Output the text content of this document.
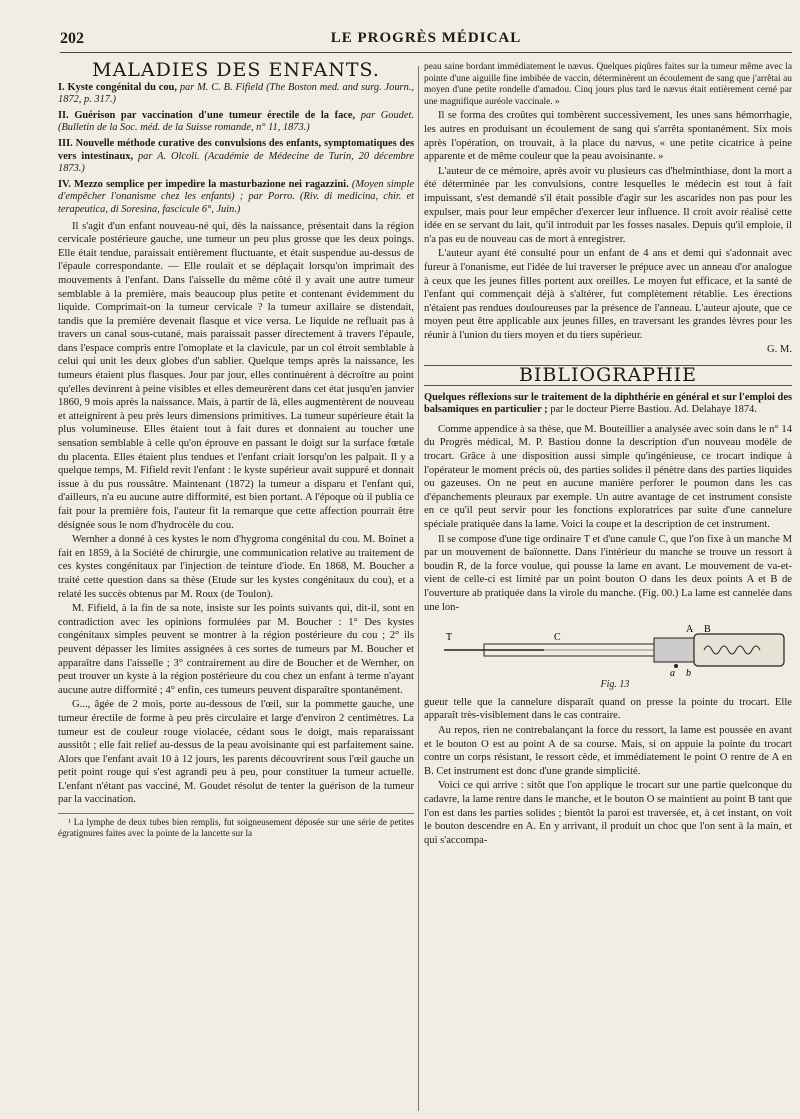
202	LE PROGRÈS MÉDICAL
MALADIES DES ENFANTS.
I. Kyste congénital du cou, par M. C. B. Fifield (The Boston med. and surg. Journ., 1872, p. 317.)
II. Guérison par vaccination d'une tumeur érectile de la face, par Goudet. (Bulletin de la Soc. méd. de la Suisse romande, n° 11, 1873.)
III. Nouvelle méthode curative des convulsions des enfants, symptomatiques des vers intestinaux, par A. Olcoli. (Académie de Médecine de Turin, 20 décembre 1873.)
IV. Mezzo semplice per impedire la masturbazione nei ragazzini. (Moyen simple d'empêcher l'onanisme chez les enfants) ; par Porro. (Riv. di medicina, chir. et terapeutica, di Soresina, fascicule 6°, Juin.)

Il s'agit d'un enfant nouveau-né qui, dès la naissance, présentait dans la région cervicale postérieure gauche, une tumeur un peu plus grosse que les deux poings. Elle était tendue, paraissait entièrement fluctuante, et était suspendue au-dessus de l'épaule correspondante. — Elle roulait et se déplaçait lorsqu'on imprimait des mouvements à l'enfant. Dans l'aisselle du même côté il y avait une autre tumeur semblable à la première, mais beaucoup plus petite et contenant évidemment du liquide. Comprimait-on la tumeur cervicale ? la tumeur axillaire se distendait, tandis que la première devenait flasque et vice versa. Le liquide ne refluait pas à travers un canal sous-cutané, mais paraissait passer directement à travers l'épaule, dans l'espace compris entre l'omoplate et la clavicule, par un col étroit semblable à celui qui unit les deux globes d'un sablier. Quelque temps après la naissance, les tumeurs étaient plus flasques. Jour par jour, elles continuèrent à décroître au point qu'elles devinrent à peine visibles et elles demeurèrent dans cet état jusqu'en janvier 1860, 9 mois après la naissance. Mais, à partir de là, elles augmentèrent de nouveau et atteignirent à peu près leurs dimensions primitives. La tumeur supérieure était la plus volumineuse. Elles étaient tout à fait dures et donnaient au toucher une sensation semblable à celle qu'on éprouve en passant le doigt sur la surface fœtale du placenta. Elles étaient plus tendues et l'enfant criait lorsqu'on les palpait. Il y a quelque temps, M. Fifield revit l'enfant : le kyste supérieur avait suppuré et donnait issue à du pus roussâtre. Maintenant (1872) la tumeur a disparu et l'enfant qui, d'ailleurs, n'a eu aucune autre difformité, est bien portant. A l'époque où il publia ce fait pour la première fois, l'auteur fit la remarque que cette affection pourrait être désignée sous le nom d'hydrocèle du cou.

Wernher a donné à ces kystes le nom d'hygroma congénital du cou. M. Boinet a fait en 1859, à la Société de chirurgie, une communication relative au traitement de ces kystes congénitaux par l'injection de teinture d'iode. En 1868, M. Boucher a traité cette question dans sa thèse (Etude sur les kystes congénitaux du cou), et a relaté les succès obtenus par M. Roux (de Toulon).

M. Fifield, à la fin de sa note, insiste sur les points suivants qui, dit-il, sont en contradiction avec les opinions formulées par M. Boucher : 1° Des kystes congénitaux simples peuvent se montrer à la région postérieure du cou ; 2° ils peuvent dépasser les limites assignées à ces sortes de tumeurs par M. Boucher et apparaître dans l'aisselle ; 3° contrairement au dire de Boucher et de Wernher, on peut trouver un kyste à la région postérieure du cou chez un enfant à terme n'ayant aucune autre difformité ; 4° enfin, ces tumeurs peuvent disparaître spontanément.

G..., âgée de 2 mois, porte au-dessous de l'œil, sur la pommette gauche, une tumeur érectile de forme à peu près circulaire et large d'environ 2 centimètres. La tumeur est de couleur rouge violacée, cédant sous le doigt, mais reparaissant aussitôt ; elle fait relief au-dessus de la peau avoisinante qui est parfaitement saine. Alors que l'enfant avait 10 à 12 jours, les parents découvrirent sous l'œil gauche un petit point rouge qui s'est agrandi peu à peu, pour constituer la tumeur actuelle. L'enfant n'étant pas vacciné, M. Goudet résolut de tenter la guérison de la tumeur par la vaccination.

¹ La lymphe de deux tubes bien remplis, fut soigneusement déposée sur une série de petites égratignures faites avec la pointe de la lancette sur la

peau saine bordant immédiatement le nævus. Quelques piqûres faites sur la tumeur même avec la pointe d'une aiguille fine imbibée de vaccin, déterminèrent un écoulement de sang que j'arrêtai au moyen d'une petite rondelle d'amadou. Cinq jours plus tard le nævus était entièrement cerné par une magnifique auréole vaccinale. »

Il se forma des croûtes qui tombèrent successivement, les unes sans hémorrhagie, les autres en produisant un écoulement de sang qui s'arrêta spontanément. Six mois après l'opération, on trouvait, à la place du nævus, « une petite cicatrice à peine apparente et de même couleur que la peau avoisinante. »

L'auteur de ce mémoire, après avoir vu plusieurs cas d'helminthiase, dont la mort a été déterminée par les convulsions, contre lesquelles le médecin est tout à fait impuissant, s'est demandé s'il était possible d'agir sur les ascarides non pas pour les expulser, mais pour leur empêcher d'exercer leur influence. Il croit avoir réalisé cette idée en se servant du lait, qu'il introduit par les fosses nasales. Depuis qu'il emploie, il n'a pas eu de nouveau cas de mort à enregistrer.

L'auteur ayant été consulté pour un enfant de 4 ans et demi qui s'adonnait avec fureur à l'onanisme, eut l'idée de lui traverser le prépuce avec un anneau d'or analogue à ceux que les jeunes filles portent aux oreilles. Le moyen fut efficace, et la santé de l'enfant qui commençait déjà à s'altérer, fut complètement rétablie. Les érections n'étaient pas rendues douloureuses par la présence de l'anneau. L'auteur ajoute, que ce moyen peut être applicable aux jeunes filles, en traversant les grandes lèvres pour les réunir à l'union du tiers moyen et du tiers supérieur.

G. M.

BIBLIOGRAPHIE
Quelques réflexions sur le traitement de la diphthérie en général et sur l'emploi des balsamiques en particulier ; par le docteur Pierre Bastiou. Ad. Delahaye 1874.

Comme appendice à sa thèse, que M. Bouteillier a analysée avec soin dans le n° 14 du Progrès médical, M. P. Bastiou donne la description d'un nouveau modèle de trocart. Grâce à une disposition aussi simple qu'ingénieuse, ce trocart indique à l'opérateur le moment précis où, des parties solides il pénètre dans des parties liquides ou gazeuses. On ne peut en aucune manière perforer le poumon dans les cas d'épanchements pleuraux par exemple. Un autre avantage de cet instrument consiste en ce qu'il peut servir pour les fonctions exploratrices par suite d'une cannelure spéciale pratiquée dans la lame. Voici la coupe et la description de cet instrument.

Il se compose d'une tige ordinaire T et d'une canule C, que l'on fixe à un manche M par un mouvement de baïonnette. Dans l'intérieur du manche se trouve un ressort à boudin R, de la force voulue, qui pousse la lame en avant. Le mouvement de va-et-vient de celle-ci est limité par un point bouton O dans les deux points A et B de l'ouverture ab pratiquée dans la virole du manche. (Fig. 00.) La lame est cannelée dans une lon-

T	C
A B
a b

Fig. 13

gueur telle que la cannelure disparaît quand on presse la pointe du trocart. Elle apparaît très-visiblement dans le cas contraire.

Au repos, rien ne contrebalançant la force du ressort, la lame est poussée en avant et le bouton O est au point A de sa course. Mais, si on appuie la pointe du trocart contre un corps résistant, le ressort cède, et immédiatement le point O rentre de A en B. Cet instrument est donc d'une grande simplicité.

Voici ce qui arrive : sitôt que l'on applique le trocart sur une partie quelconque du cadavre, la lame rentre dans le manche, et le bouton O se maintient au point B tant que l'on est dans les parties solides ; bientôt la paroi est traversée, et, à cet instant, on voit le bouton descendre en A. En y arrivant, il produit un choc que l'on sent à la main, et qui s'accompa-
